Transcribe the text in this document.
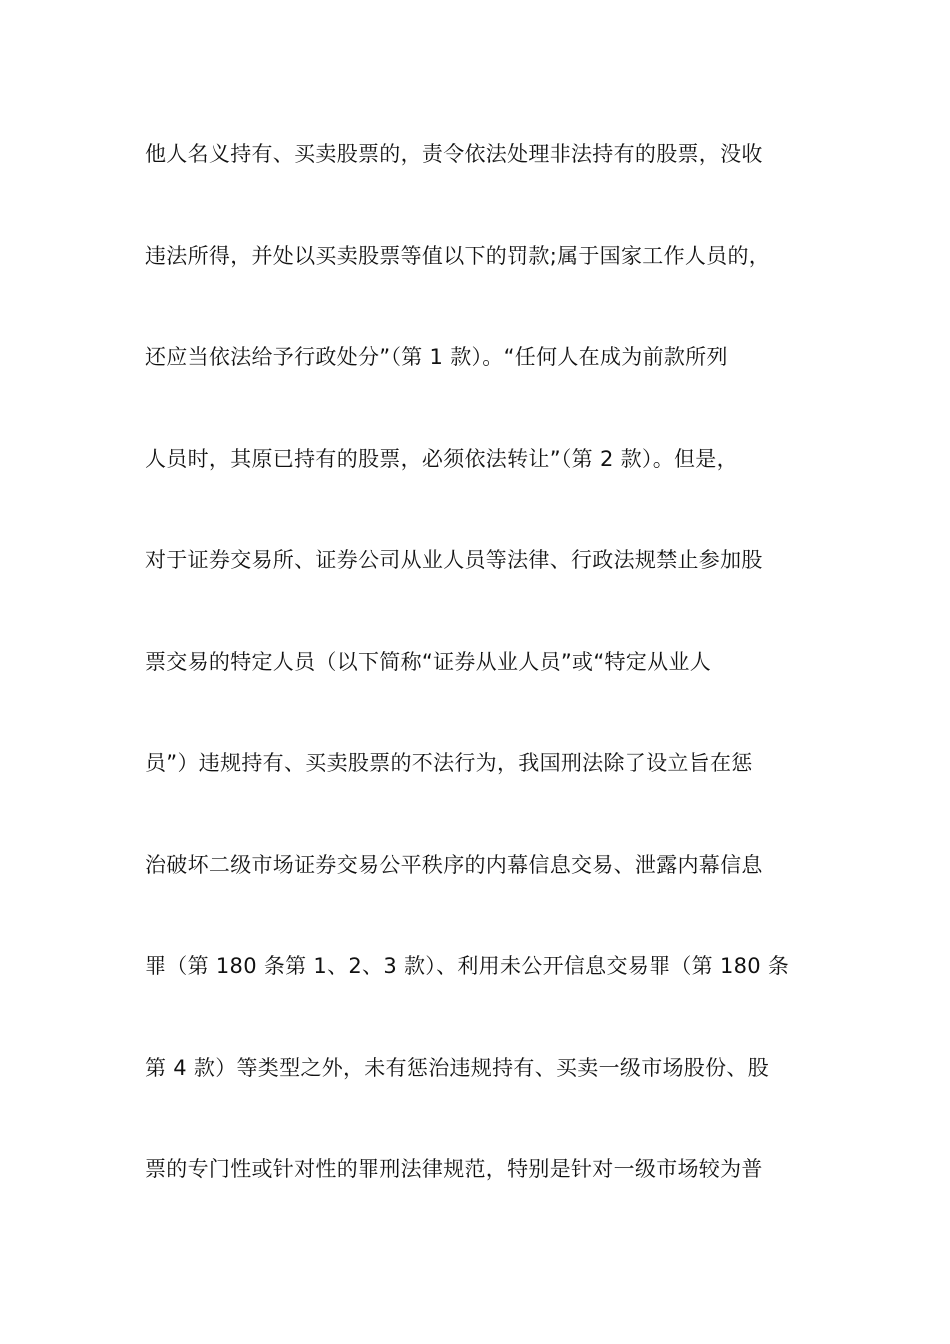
他人名义持有、买卖股票的，责令依法处理非法持有的股票，没收
违法所得，并处以买卖股票等值以下的罚款;属于国家工作人员的，
还应当依法给予行政处分”（第 1 款）。“任何人在成为前款所列
人员时，其原已持有的股票，必须依法转让”（第 2 款）。但是，
对于证券交易所、证券公司从业人员等法律、行政法规禁止参加股
票交易的特定人员（以下简称“证券从业人员”或“特定从业人
员”）违规持有、买卖股票的不法行为，我国刑法除了设立旨在惩
治破坏二级市场证券交易公平秩序的内幕信息交易、泄露内幕信息
罪（第 180 条第 1、2、3 款）、利用未公开信息交易罪（第 180 条
第 4 款）等类型之外，未有惩治违规持有、买卖一级市场股份、股
票的专门性或针对性的罪刑法律规范，特别是针对一级市场较为普
